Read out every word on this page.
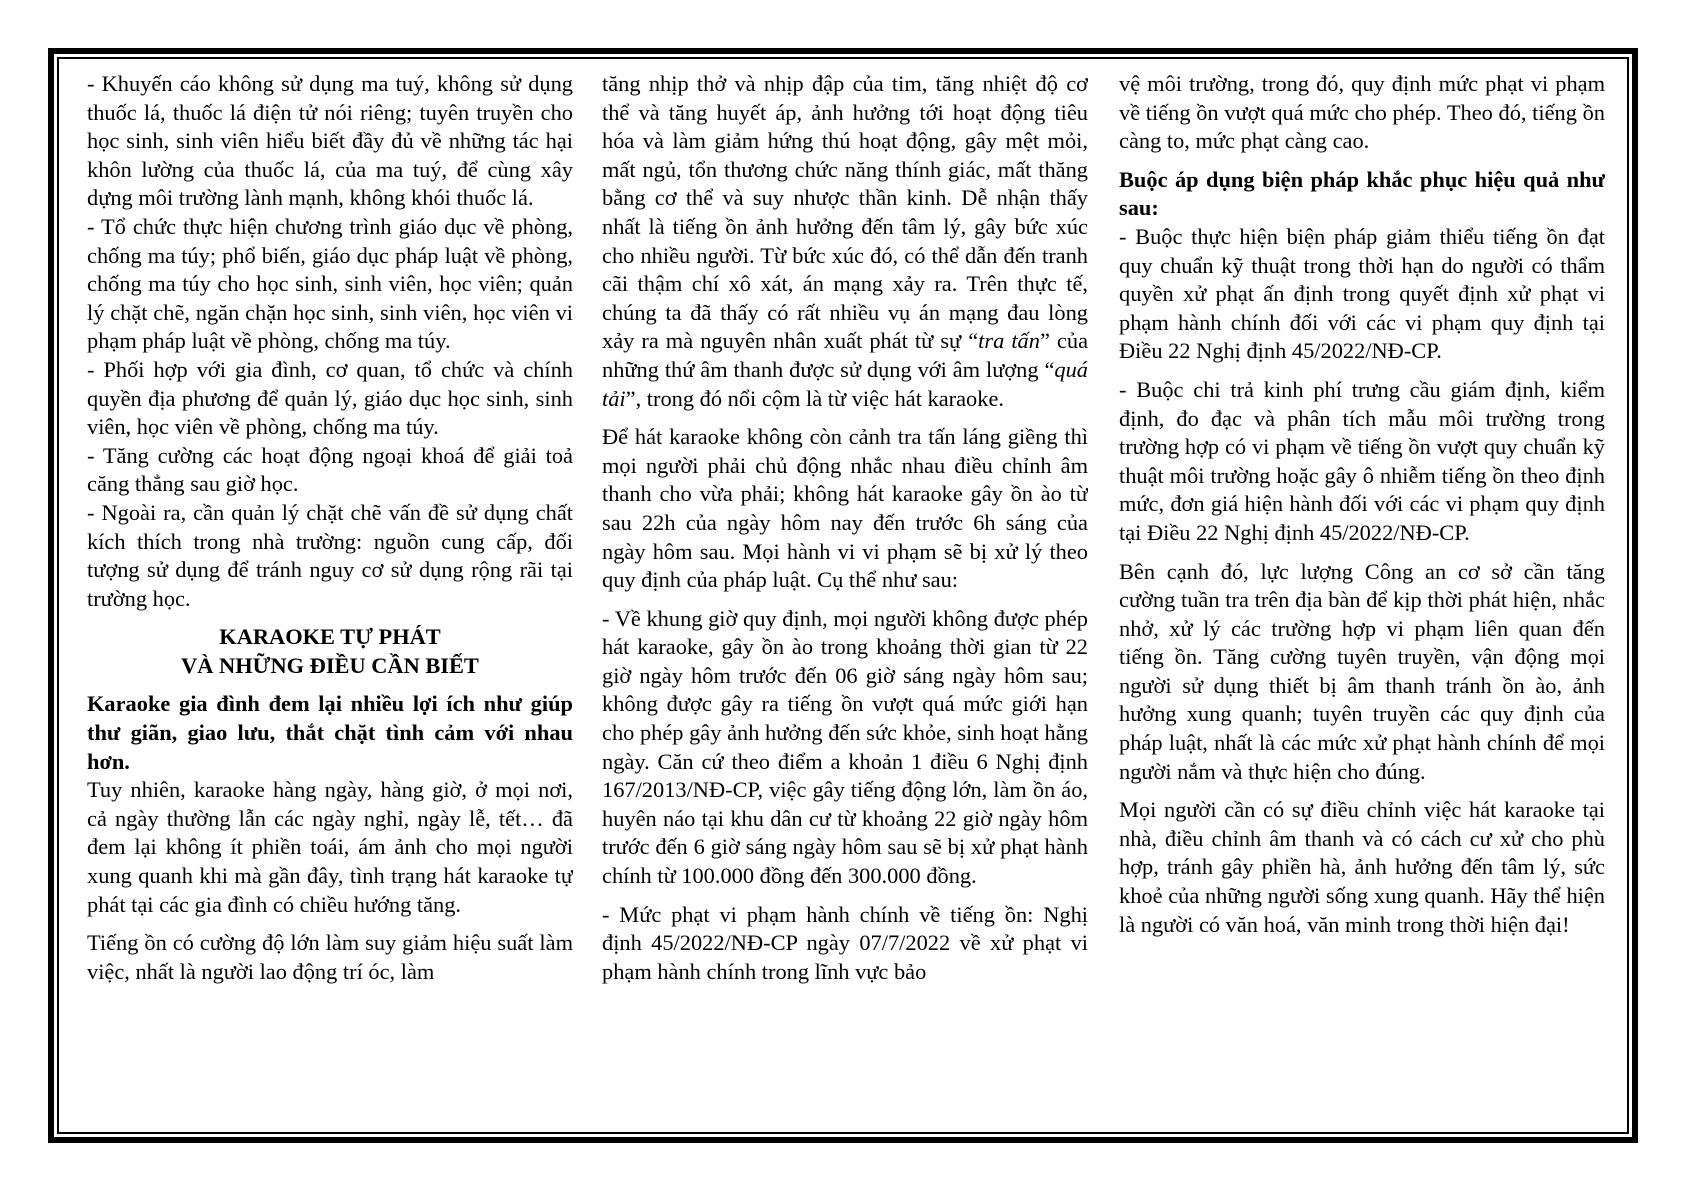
- Khuyến cáo không sử dụng ma tuý, không sử dụng thuốc lá, thuốc lá điện tử nói riêng; tuyên truyền cho học sinh, sinh viên hiểu biết đầy đủ về những tác hại khôn lường của thuốc lá, của ma tuý, để cùng xây dựng môi trường lành mạnh, không khói thuốc lá.

- Tổ chức thực hiện chương trình giáo dục về phòng, chống ma túy; phổ biến, giáo dục pháp luật về phòng, chống ma túy cho học sinh, sinh viên, học viên; quản lý chặt chẽ, ngăn chặn học sinh, sinh viên, học viên vi phạm pháp luật về phòng, chống ma túy.

- Phối hợp với gia đình, cơ quan, tổ chức và chính quyền địa phương để quản lý, giáo dục học sinh, sinh viên, học viên về phòng, chống ma túy.

- Tăng cường các hoạt động ngoại khoá để giải toả căng thẳng sau giờ học.

- Ngoài ra, cần quản lý chặt chẽ vấn đề sử dụng chất kích thích trong nhà trường: nguồn cung cấp, đối tượng sử dụng để tránh nguy cơ sử dụng rộng rãi tại trường học.

KARAOKE TỰ PHÁT
VÀ NHỮNG ĐIỀU CẦN BIẾT

Karaoke gia đình đem lại nhiều lợi ích như giúp thư giãn, giao lưu, thắt chặt tình cảm với nhau hơn.

Tuy nhiên, karaoke hàng ngày, hàng giờ, ở mọi nơi, cả ngày thường lẫn các ngày nghỉ, ngày lễ, tết… đã đem lại không ít phiền toái, ám ảnh cho mọi người xung quanh khi mà gần đây, tình trạng hát karaoke tự phát tại các gia đình có chiều hướng tăng.

Tiếng ồn có cường độ lớn làm suy giảm hiệu suất làm việc, nhất là người lao động trí óc, làm

tăng nhịp thở và nhịp đập của tim, tăng nhiệt độ cơ thể và tăng huyết áp, ảnh hưởng tới hoạt động tiêu hóa và làm giảm hứng thú hoạt động, gây mệt mỏi, mất ngủ, tổn thương chức năng thính giác, mất thăng bằng cơ thể và suy nhược thần kinh. Dễ nhận thấy nhất là tiếng ồn ảnh hưởng đến tâm lý, gây bức xúc cho nhiều người. Từ bức xúc đó, có thể dẫn đến tranh cãi thậm chí xô xát, án mạng xảy ra. Trên thực tế, chúng ta đã thấy có rất nhiều vụ án mạng đau lòng xảy ra mà nguyên nhân xuất phát từ sự “tra tấn” của những thứ âm thanh được sử dụng với âm lượng “quá tải”, trong đó nổi cộm là từ việc hát karaoke.

Để hát karaoke không còn cảnh tra tấn láng giềng thì mọi người phải chủ động nhắc nhau điều chỉnh âm thanh cho vừa phải; không hát karaoke gây ồn ào từ sau 22h của ngày hôm nay đến trước 6h sáng của ngày hôm sau. Mọi hành vi vi phạm sẽ bị xử lý theo quy định của pháp luật. Cụ thể như sau:

- Về khung giờ quy định, mọi người không được phép hát karaoke, gây ồn ào trong khoảng thời gian từ 22 giờ ngày hôm trước đến 06 giờ sáng ngày hôm sau; không được gây ra tiếng ồn vượt quá mức giới hạn cho phép gây ảnh hưởng đến sức khỏe, sinh hoạt hằng ngày. Căn cứ theo điểm a khoản 1 điều 6 Nghị định 167/2013/NĐ-CP, việc gây tiếng động lớn, làm ồn áo, huyên náo tại khu dân cư từ khoảng 22 giờ ngày hôm trước đến 6 giờ sáng ngày hôm sau sẽ bị xử phạt hành chính từ 100.000 đồng đến 300.000 đồng.

- Mức phạt vi phạm hành chính về tiếng ồn: Nghị định 45/2022/NĐ-CP ngày 07/7/2022 về xử phạt vi phạm hành chính trong lĩnh vực bảo

vệ môi trường, trong đó, quy định mức phạt vi phạm về tiếng ồn vượt quá mức cho phép. Theo đó, tiếng ồn càng to, mức phạt càng cao.

Buộc áp dụng biện pháp khắc phục hiệu quả như sau:

- Buộc thực hiện biện pháp giảm thiểu tiếng ồn đạt quy chuẩn kỹ thuật trong thời hạn do người có thẩm quyền xử phạt ấn định trong quyết định xử phạt vi phạm hành chính đối với các vi phạm quy định tại Điều 22 Nghị định 45/2022/NĐ-CP.

- Buộc chi trả kinh phí trưng cầu giám định, kiểm định, đo đạc và phân tích mẫu môi trường trong trường hợp có vi phạm về tiếng ồn vượt quy chuẩn kỹ thuật môi trường hoặc gây ô nhiễm tiếng ồn theo định mức, đơn giá hiện hành đối với các vi phạm quy định tại Điều 22 Nghị định 45/2022/NĐ-CP.

Bên cạnh đó, lực lượng Công an cơ sở cần tăng cường tuần tra trên địa bàn để kịp thời phát hiện, nhắc nhở, xử lý các trường hợp vi phạm liên quan đến tiếng ồn. Tăng cường tuyên truyền, vận động mọi người sử dụng thiết bị âm thanh tránh ồn ào, ảnh hưởng xung quanh; tuyên truyền các quy định của pháp luật, nhất là các mức xử phạt hành chính để mọi người nắm và thực hiện cho đúng.

Mọi người cần có sự điều chỉnh việc hát karaoke tại nhà, điều chỉnh âm thanh và có cách cư xử cho phù hợp, tránh gây phiền hà, ảnh hưởng đến tâm lý, sức khoẻ của những người sống xung quanh. Hãy thể hiện là người có văn hoá, văn minh trong thời hiện đại!
